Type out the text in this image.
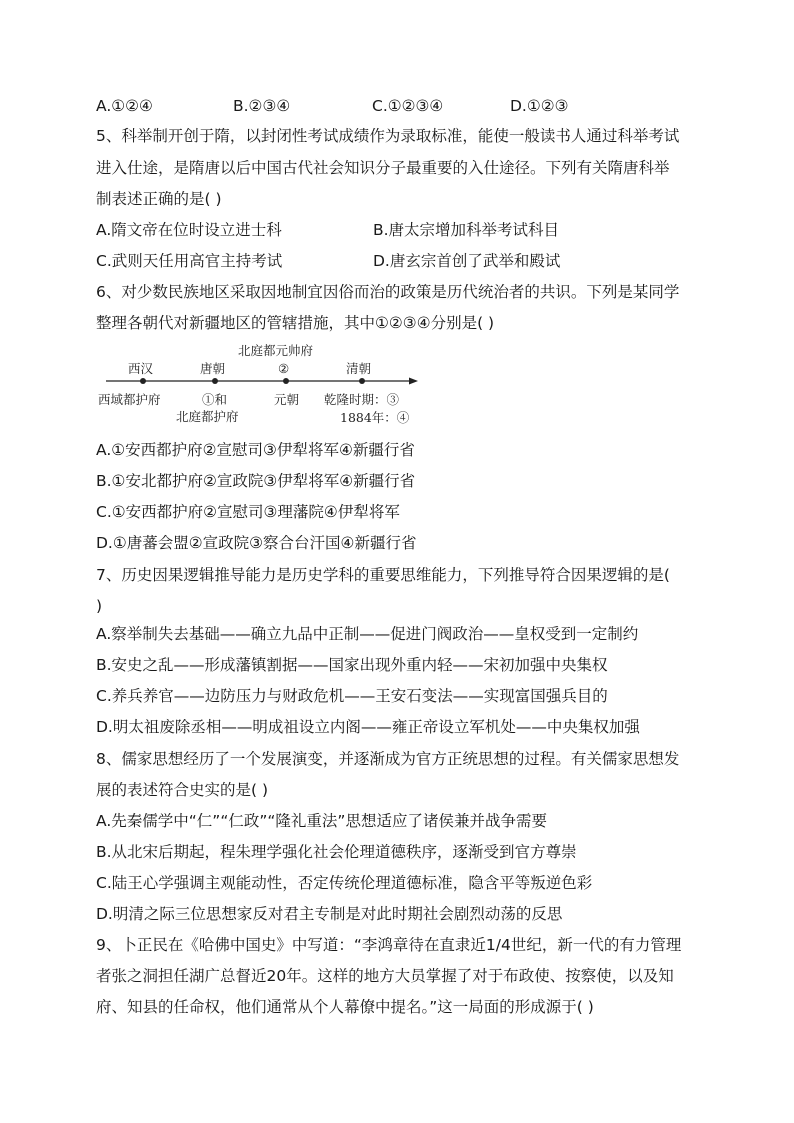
A.①②④	B.②③④	C.①②③④	D.①②③
5、科举制开创于隋，以封闭性考试成绩作为录取标准，能使一般读书人通过科举考试
进入仕途，是隋唐以后中国古代社会知识分子最重要的入仕途径。下列有关隋唐科举
制表述正确的是( )
A.隋文帝在位时设立进士科	B.唐太宗增加科举考试科目
C.武则天任用高官主持考试	D.唐玄宗首创了武举和殿试
6、对少数民族地区采取因地制宜因俗而治的政策是历代统治者的共识。下列是某同学
整理各朝代对新疆地区的管辖措施，其中①②③④分别是( )
北庭都元帅府
西汉	唐朝	②	清朝
西域都护府	①和	元朝 乾隆时期：③
北庭都护府	1884年：④
A.①安西都护府②宣慰司③伊犁将军④新疆行省
B.①安北都护府②宣政院③伊犁将军④新疆行省
C.①安西都护府②宣慰司③理藩院④伊犁将军
D.①唐蕃会盟②宣政院③察合台汗国④新疆行省
7、历史因果逻辑推导能力是历史学科的重要思维能力，下列推导符合因果逻辑的是(
)
A.察举制失去基础——确立九品中正制——促进门阀政治——皇权受到一定制约
B.安史之乱——形成藩镇割据——国家出现外重内轻——宋初加强中央集权
C.养兵养官——边防压力与财政危机——王安石变法——实现富国强兵目的
D.明太祖废除丞相——明成祖设立内阁——雍正帝设立军机处——中央集权加强
8、儒家思想经历了一个发展演变，并逐渐成为官方正统思想的过程。有关儒家思想发
展的表述符合史实的是( )
A.先秦儒学中“仁”“仁政”“隆礼重法”思想适应了诸侯兼并战争需要
B.从北宋后期起，程朱理学强化社会伦理道德秩序，逐渐受到官方尊崇
C.陆王心学强调主观能动性，否定传统伦理道德标准，隐含平等叛逆色彩
D.明清之际三位思想家反对君主专制是对此时期社会剧烈动荡的反思
9、卜正民在《哈佛中国史》中写道：“李鸿章待在直隶近1/4世纪，新一代的有力管理
者张之洞担任湖广总督近20年。这样的地方大员掌握了对于布政使、按察使，以及知
府、知县的任命权，他们通常从个人幕僚中提名。”这一局面的形成源于( )
